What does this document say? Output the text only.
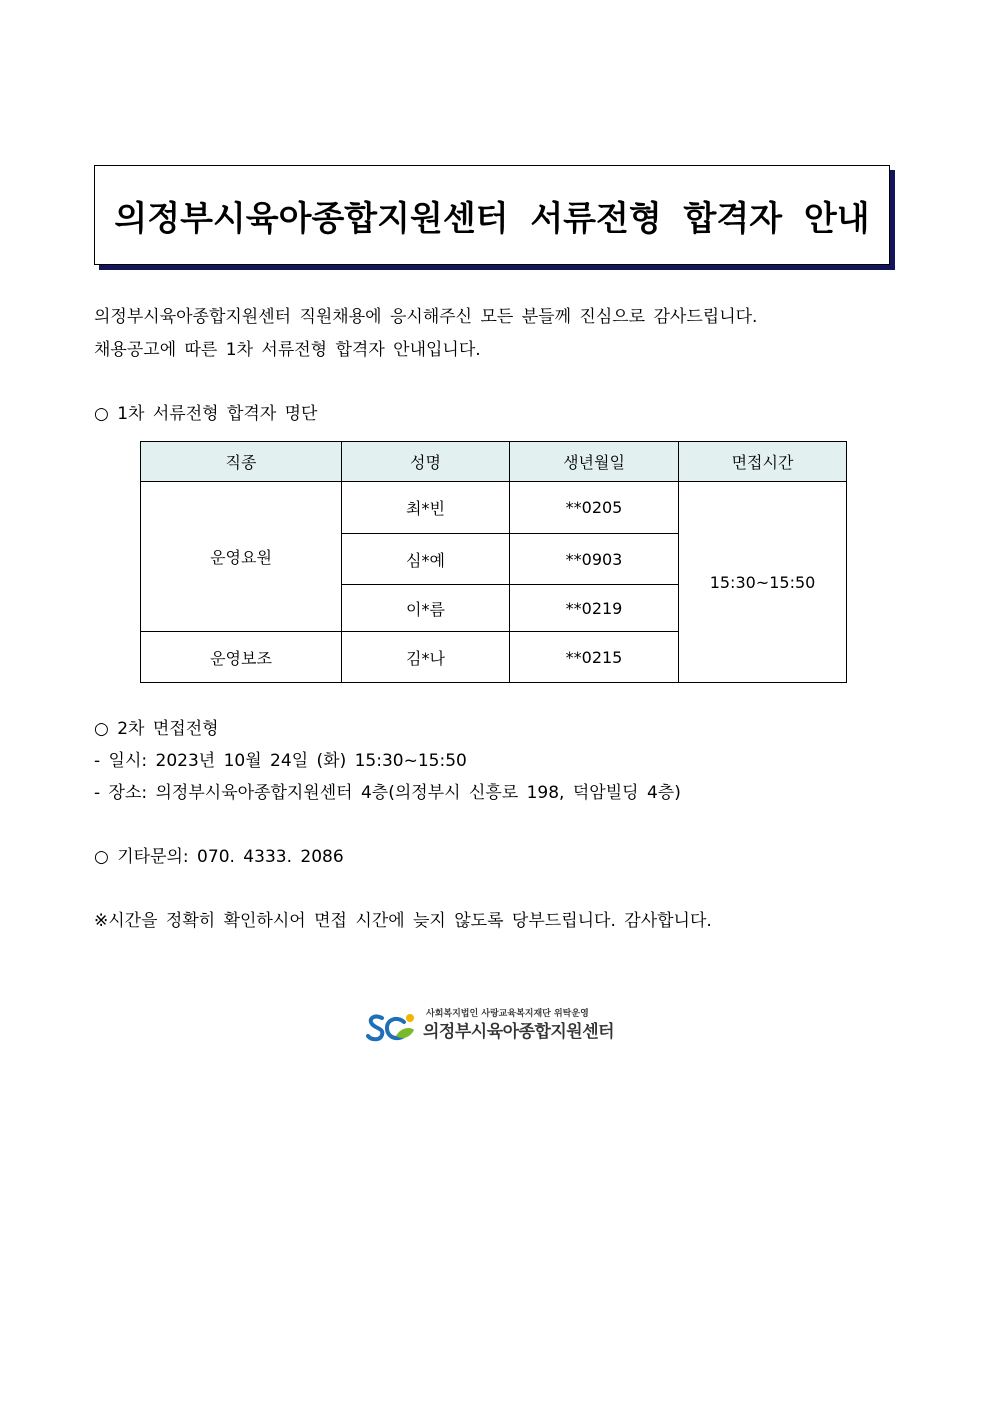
의정부시육아종합지원센터 서류전형 합격자 안내
의정부시육아종합지원센터 직원채용에 응시해주신 모든 분들께 진심으로 감사드립니다.
채용공고에 따른 1차 서류전형 합격자 안내입니다.
○ 1차 서류전형 합격자 명단
직종	성명	생년월일	면접시간
운영요원	최*빈	**0205	15:30~15:50
	심*예	**0903	
	이*름	**0219	
운영보조	김*나	**0215	
○ 2차 면접전형
- 일시: 2023년 10월 24일 (화) 15:30~15:50
- 장소: 의정부시육아종합지원센터 4층(의정부시 신흥로 198, 덕암빌딩 4층)
○ 기타문의: 070. 4333. 2086
※시간을 정확히 확인하시어 면접 시간에 늦지 않도록 당부드립니다. 감사합니다.
사회복지법인 사랑교육복지재단 위탁운영
의정부시육아종합지원센터
